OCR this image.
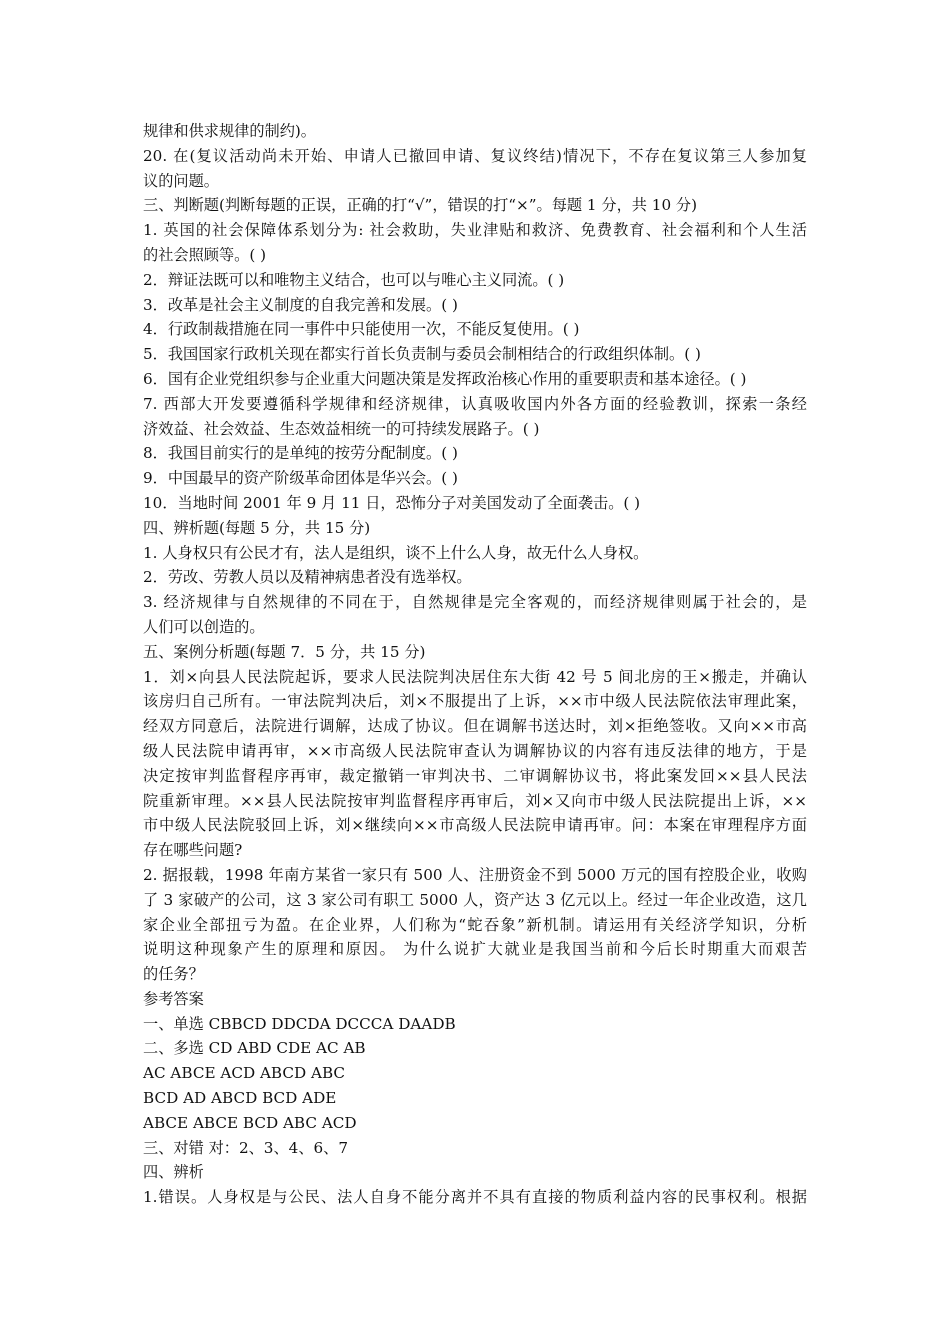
规律和供求规律的制约)。
20. 在(复议活动尚未开始、申请人已撤回申请、复议终结)情况下，不存在复议第三人参加复
议的问题。
三、判断题(判断每题的正误，正确的打“√”，错误的打“×”。每题 1 分，共 10 分)
1. 英国的社会保障体系划分为: 社会救助，失业津贴和救济、免费教育、社会福利和个人生活
的社会照顾等。( )
2．辩证法既可以和唯物主义结合，也可以与唯心主义同流。( )
3．改革是社会主义制度的自我完善和发展。( )
4．行政制裁措施在同一事件中只能使用一次，不能反复使用。( )
5．我国国家行政机关现在都实行首长负责制与委员会制相结合的行政组织体制。( )
6．国有企业党组织参与企业重大问题决策是发挥政治核心作用的重要职责和基本途径。( )
7. 西部大开发要遵循科学规律和经济规律，认真吸收国内外各方面的经验教训，探索一条经
济效益、社会效益、生态效益相统一的可持续发展路子。( )
8．我国目前实行的是单纯的按劳分配制度。( )
9．中国最早的资产阶级革命团体是华兴会。( )
10．当地时间 2001 年 9 月 11 日，恐怖分子对美国发动了全面袭击。( )
四、辨析题(每题 5 分，共 15 分)
1. 人身权只有公民才有，法人是组织，谈不上什么人身，故无什么人身权。
2．劳改、劳教人员以及精神病患者没有选举权。
3. 经济规律与自然规律的不同在于，自然规律是完全客观的，而经济规律则属于社会的，是
人们可以创造的。
五、案例分析题(每题 7．5 分，共 15 分)
1．刘×向县人民法院起诉，要求人民法院判决居住东大街 42 号 5 间北房的王×搬走，并确认
该房归自己所有。一审法院判决后，刘×不服提出了上诉，××市中级人民法院依法审理此案，
经双方同意后，法院进行调解，达成了协议。但在调解书送达时，刘×拒绝签收。又向××市高
级人民法院申请再审，××市高级人民法院审查认为调解协议的内容有违反法律的地方，于是
决定按审判监督程序再审，裁定撤销一审判决书、二审调解协议书，将此案发回××县人民法
院重新审理。××县人民法院按审判监督程序再审后，刘×又向市中级人民法院提出上诉，××
市中级人民法院驳回上诉，刘×继续向××市高级人民法院申请再审。问：本案在审理程序方面
存在哪些问题?
2. 据报载，1998 年南方某省一家只有 500 人、注册资金不到 5000 万元的国有控股企业，收购
了 3 家破产的公司，这 3 家公司有职工 5000 人，资产达 3 亿元以上。经过一年企业改造，这几
家企业全部扭亏为盈。在企业界，人们称为“蛇吞象”新机制。请运用有关经济学知识，分析
说明这种现象产生的原理和原因。 为什么说扩大就业是我国当前和今后长时期重大而艰苦
的任务？
参考答案
一、单选 CBBCD DDCDA DCCCA DAADB
二、多选 CD ABD CDE AC AB
AC ABCE ACD ABCD ABC
BCD AD ABCD BCD ADE
ABCE ABCE BCD ABC ACD
三、对错 对：2、3、4、6、7
四、辨析
1.错误。人身权是与公民、法人自身不能分离并不具有直接的物质利益内容的民事权利。根据
